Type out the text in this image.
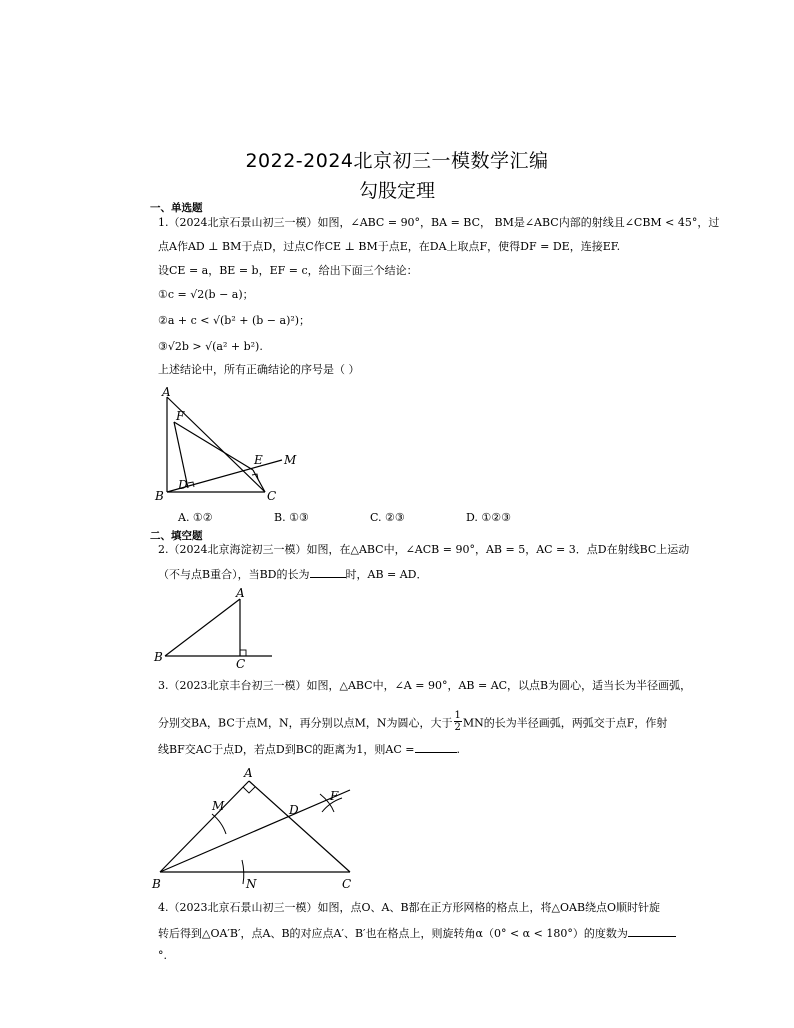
2022-2024北京初三一模数学汇编
勾股定理
一、单选题
1.（2024北京石景山初三一模）如图，∠ABC = 90°，BA = BC， BM是∠ABC内部的射线且∠CBM < 45°，过
点A作AD ⊥ BM于点D，过点C作CE ⊥ BM于点E，在DA上取点F，使得DF = DE，连接EF.
设CE = a，BE = b，EF = c，给出下面三个结论：
①c = √2(b − a)；
②a + c < √(b² + (b − a)²)；
③√2b > √(a² + b²).
上述结论中，所有正确结论的序号是（ ）
A
F
E M
D
B	C
A. ①②	B. ①③	C. ②③	D. ①②③
二、填空题
2.（2024北京海淀初三一模）如图，在△ABC中，∠ACB = 90°，AB = 5，AC = 3．点D在射线BC上运动
（不与点B重合），当BD的长为	时，AB = AD．
A
B	C
3.（2023北京丰台初三一模）如图，△ABC中，∠A = 90°，AB = AC，以点B为圆心，适当长为半径画弧，
分别交BA，BC于点M，N，再分别以点M，N为圆心，大于 $\frac{1}{2}$ MN的长为半径画弧，两弧交于点F，作射
线BF交AC于点D，若点D到BC的距离为1，则AC =	.
A
M	D
F
B	N	C
4.（2023北京石景山初三一模）如图，点O、A、B都在正方形网格的格点上，将△OAB绕点O顺时针旋
转后得到△OA′B′，点A、B的对应点A′、B′也在格点上，则旋转角α（0° < α < 180°）的度数为
°.
